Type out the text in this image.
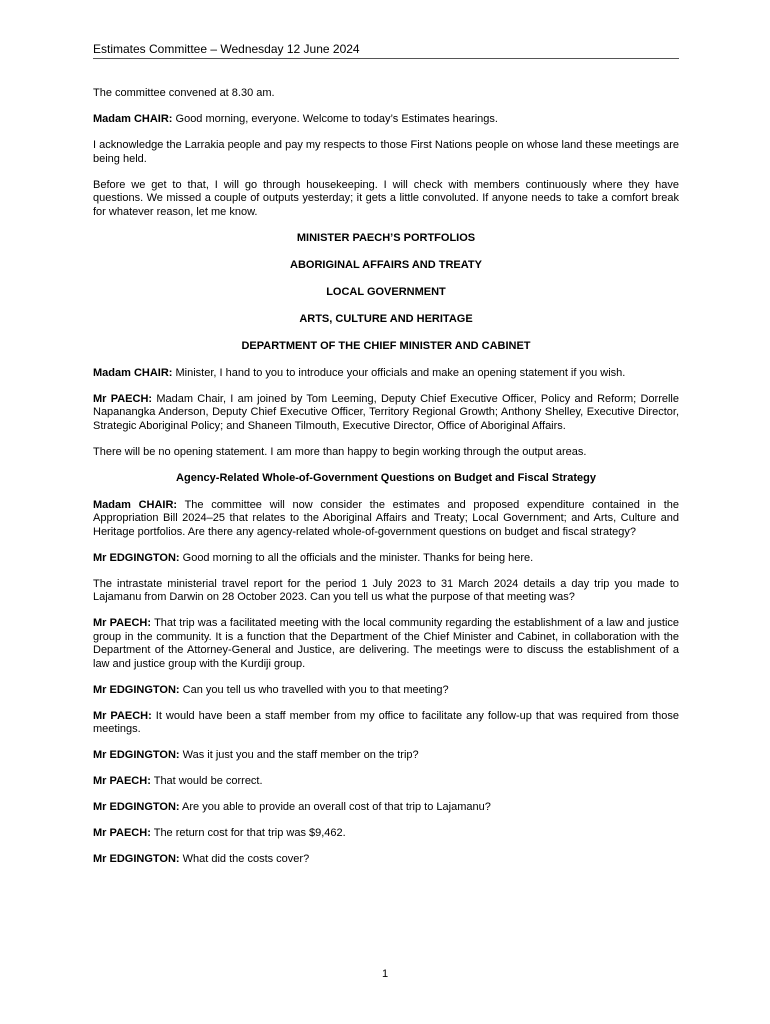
Estimates Committee – Wednesday 12 June 2024

The committee convened at 8.30 am.

Madam CHAIR: Good morning, everyone. Welcome to today’s Estimates hearings.

I acknowledge the Larrakia people and pay my respects to those First Nations people on whose land these meetings are being held.

Before we get to that, I will go through housekeeping. I will check with members continuously where they have questions. We missed a couple of outputs yesterday; it gets a little convoluted. If anyone needs to take a comfort break for whatever reason, let me know.

MINISTER PAECH’S PORTFOLIOS

ABORIGINAL AFFAIRS AND TREATY

LOCAL GOVERNMENT

ARTS, CULTURE AND HERITAGE

DEPARTMENT OF THE CHIEF MINISTER AND CABINET

Madam CHAIR: Minister, I hand to you to introduce your officials and make an opening statement if you wish.

Mr PAECH: Madam Chair, I am joined by Tom Leeming, Deputy Chief Executive Officer, Policy and Reform; Dorrelle Napanangka Anderson, Deputy Chief Executive Officer, Territory Regional Growth; Anthony Shelley, Executive Director, Strategic Aboriginal Policy; and Shaneen Tilmouth, Executive Director, Office of Aboriginal Affairs.

There will be no opening statement. I am more than happy to begin working through the output areas.

Agency-Related Whole-of-Government Questions on Budget and Fiscal Strategy

Madam CHAIR: The committee will now consider the estimates and proposed expenditure contained in the Appropriation Bill 2024–25 that relates to the Aboriginal Affairs and Treaty; Local Government; and Arts, Culture and Heritage portfolios. Are there any agency-related whole-of-government questions on budget and fiscal strategy?

Mr EDGINGTON: Good morning to all the officials and the minister. Thanks for being here.

The intrastate ministerial travel report for the period 1 July 2023 to 31 March 2024 details a day trip you made to Lajamanu from Darwin on 28 October 2023. Can you tell us what the purpose of that meeting was?

Mr PAECH: That trip was a facilitated meeting with the local community regarding the establishment of a law and justice group in the community. It is a function that the Department of the Chief Minister and Cabinet, in collaboration with the Department of the Attorney-General and Justice, are delivering. The meetings were to discuss the establishment of a law and justice group with the Kurdiji group.

Mr EDGINGTON: Can you tell us who travelled with you to that meeting?

Mr PAECH: It would have been a staff member from my office to facilitate any follow-up that was required from those meetings.

Mr EDGINGTON: Was it just you and the staff member on the trip?

Mr PAECH: That would be correct.

Mr EDGINGTON: Are you able to provide an overall cost of that trip to Lajamanu?

Mr PAECH: The return cost for that trip was $9,462.

Mr EDGINGTON: What did the costs cover?

1
